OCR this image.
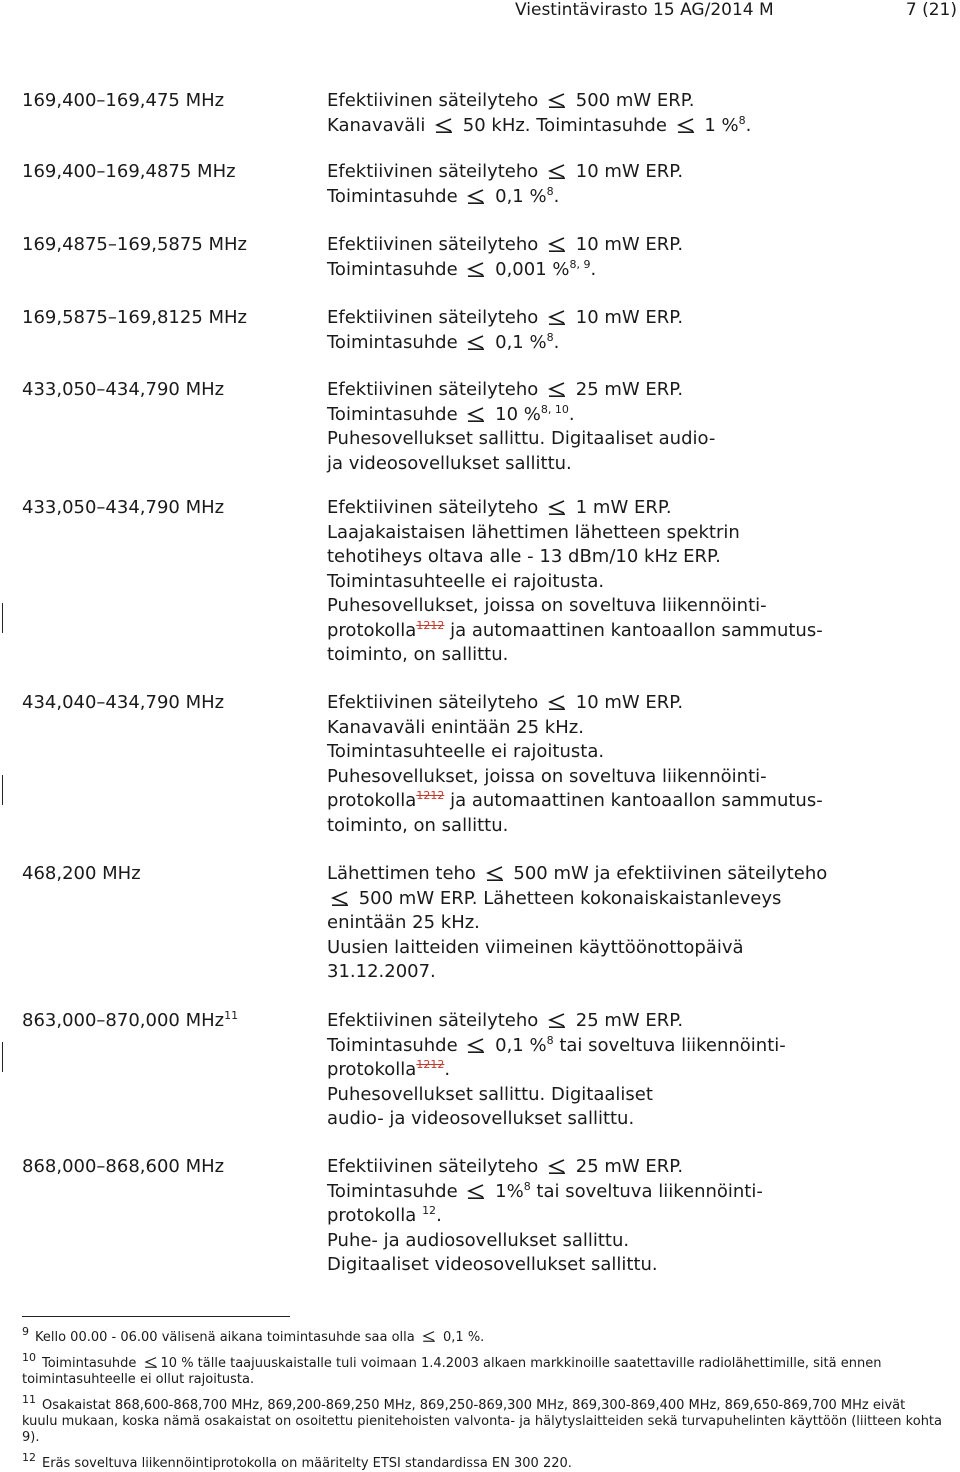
Viestintävirasto 15 AG/2014 M	7 (21)
169,400–169,475 MHz	Efektiivinen säteilyteho
500 mW ERP.
Kanavaväli
50 kHz. Toimintasuhde
1 %$^8$.
169,400–169,4875 MHz	Efektiivinen säteilyteho
10 mW ERP.
Toimintasuhde
0,1 %$^8$.
169,4875–169,5875 MHz	Efektiivinen säteilyteho
10 mW ERP.
Toimintasuhde
0,001 %$^{8, 9}$.
169,5875–169,8125 MHz	Efektiivinen säteilyteho
10 mW ERP.
Toimintasuhde
0,1 %$^8$.
433,050–434,790 MHz	Efektiivinen säteilyteho
25 mW ERP.
Toimintasuhde
10 %$^{8, 10}$.
Puhesovellukset sallittu. Digitaaliset audio-
ja videosovellukset sallittu.
433,050–434,790 MHz	Efektiivinen säteilyteho
1 mW ERP.
Laajakaistaisen lähettimen lähetteen spektrin
tehotiheys oltava alle - 13 dBm/10 kHz ERP.
Toimintasuhteelle ei rajoitusta.
Puhesovellukset, joissa on soveltuva liikennöinti-
protokolla$^{1212}$ ja automaattinen kantoaallon sammutus-
toiminto, on sallittu.
434,040–434,790 MHz	Efektiivinen säteilyteho
10 mW ERP.
Kanavaväli enintään 25 kHz.
Toimintasuhteelle ei rajoitusta.
Puhesovellukset, joissa on soveltuva liikennöinti-
protokolla$^{1212}$ ja automaattinen kantoaallon sammutus-
toiminto, on sallittu.
468,200 MHz	Lähettimen teho
500 mW ja efektiivinen säteilyteho
500 mW ERP. Lähetteen kokonaiskaistanleveys
enintään 25 kHz.
Uusien laitteiden viimeinen käyttöönottopäivä
31.12.2007.
863,000–870,000 MHz$^{11}$	Efektiivinen säteilyteho
25 mW ERP.
Toimintasuhde
0,1 %$^8$ tai soveltuva liikennöinti-
protokolla$^{1212}$.
Puhesovellukset sallittu. Digitaaliset
audio- ja videosovellukset sallittu.
868,000–868,600 MHz	Efektiivinen säteilyteho
25 mW ERP.
Toimintasuhde
1%$^8$ tai soveltuva liikennöinti-
protokolla $^{12}$.
Puhe- ja audiosovellukset sallittu.
Digitaaliset videosovellukset sallittu.
$^9$ Kello 00.00 - 06.00 välisenä aikana toimintasuhde saa olla
0,1 %.
$^{10}$ Toimintasuhde
10 % tälle taajuuskaistalle tuli voimaan 1.4.2003 alkaen markkinoille saatettaville radiolähettimille, sitä ennen toimintasuhteelle ei ollut rajoitusta.
$^{11}$ Osakaistat 868,600-868,700 MHz, 869,200-869,250 MHz, 869,250-869,300 MHz, 869,300-869,400 MHz, 869,650-869,700 MHz eivät kuulu mukaan, koska nämä osakaistat on osoitettu pienitehoisten valvonta- ja hälytyslaitteiden sekä turvapuhelinten käyttöön (liitteen kohta 9).
$^{12}$ Eräs soveltuva liikennöintiprotokolla on määritelty ETSI standardissa EN 300 220.
